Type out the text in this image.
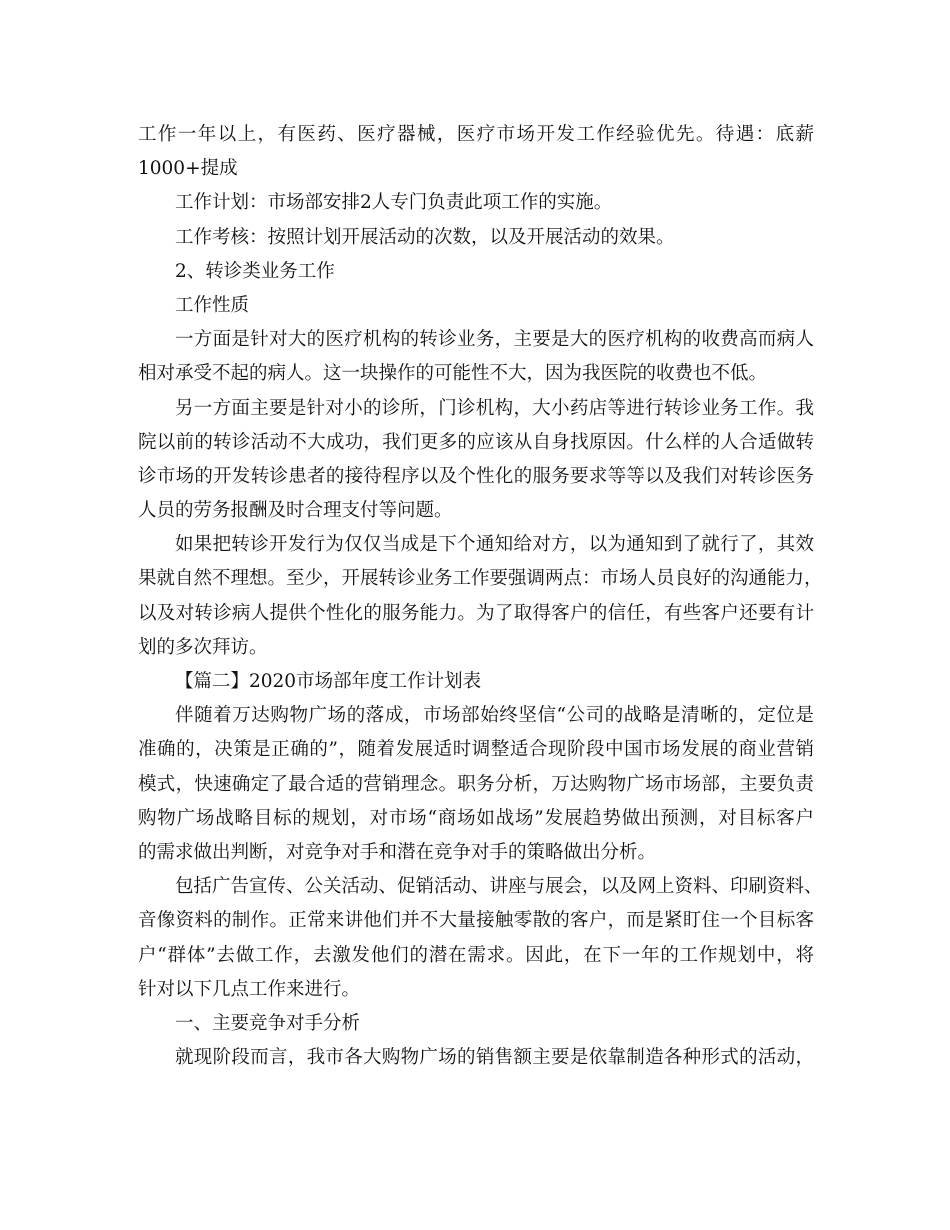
工作一年以上，有医药、医疗器械，医疗市场开发工作经验优先。待遇：底薪
1000+提成
工作计划：市场部安排2人专门负责此项工作的实施。
工作考核：按照计划开展活动的次数，以及开展活动的效果。
2、转诊类业务工作
工作性质
一方面是针对大的医疗机构的转诊业务，主要是大的医疗机构的收费高而病人
相对承受不起的病人。这一块操作的可能性不大，因为我医院的收费也不低。
另一方面主要是针对小的诊所，门诊机构，大小药店等进行转诊业务工作。我
院以前的转诊活动不大成功，我们更多的应该从自身找原因。什么样的人合适做转
诊市场的开发转诊患者的接待程序以及个性化的服务要求等等以及我们对转诊医务
人员的劳务报酬及时合理支付等问题。
如果把转诊开发行为仅仅当成是下个通知给对方，以为通知到了就行了，其效
果就自然不理想。至少，开展转诊业务工作要强调两点：市场人员良好的沟通能力，
以及对转诊病人提供个性化的服务能力。为了取得客户的信任，有些客户还要有计
划的多次拜访。
【篇二】2020市场部年度工作计划表
伴随着万达购物广场的落成，市场部始终坚信“公司的战略是清晰的，定位是
准确的，决策是正确的”，随着发展适时调整适合现阶段中国市场发展的商业营销
模式，快速确定了最合适的营销理念。职务分析，万达购物广场市场部，主要负责
购物广场战略目标的规划，对市场“商场如战场”发展趋势做出预测，对目标客户
的需求做出判断，对竞争对手和潜在竞争对手的策略做出分析。
包括广告宣传、公关活动、促销活动、讲座与展会，以及网上资料、印刷资料、
音像资料的制作。正常来讲他们并不大量接触零散的客户，而是紧盯住一个目标客
户“群体”去做工作，去激发他们的潜在需求。因此，在下一年的工作规划中，将
针对以下几点工作来进行。
一、主要竞争对手分析
就现阶段而言，我市各大购物广场的销售额主要是依靠制造各种形式的活动，
